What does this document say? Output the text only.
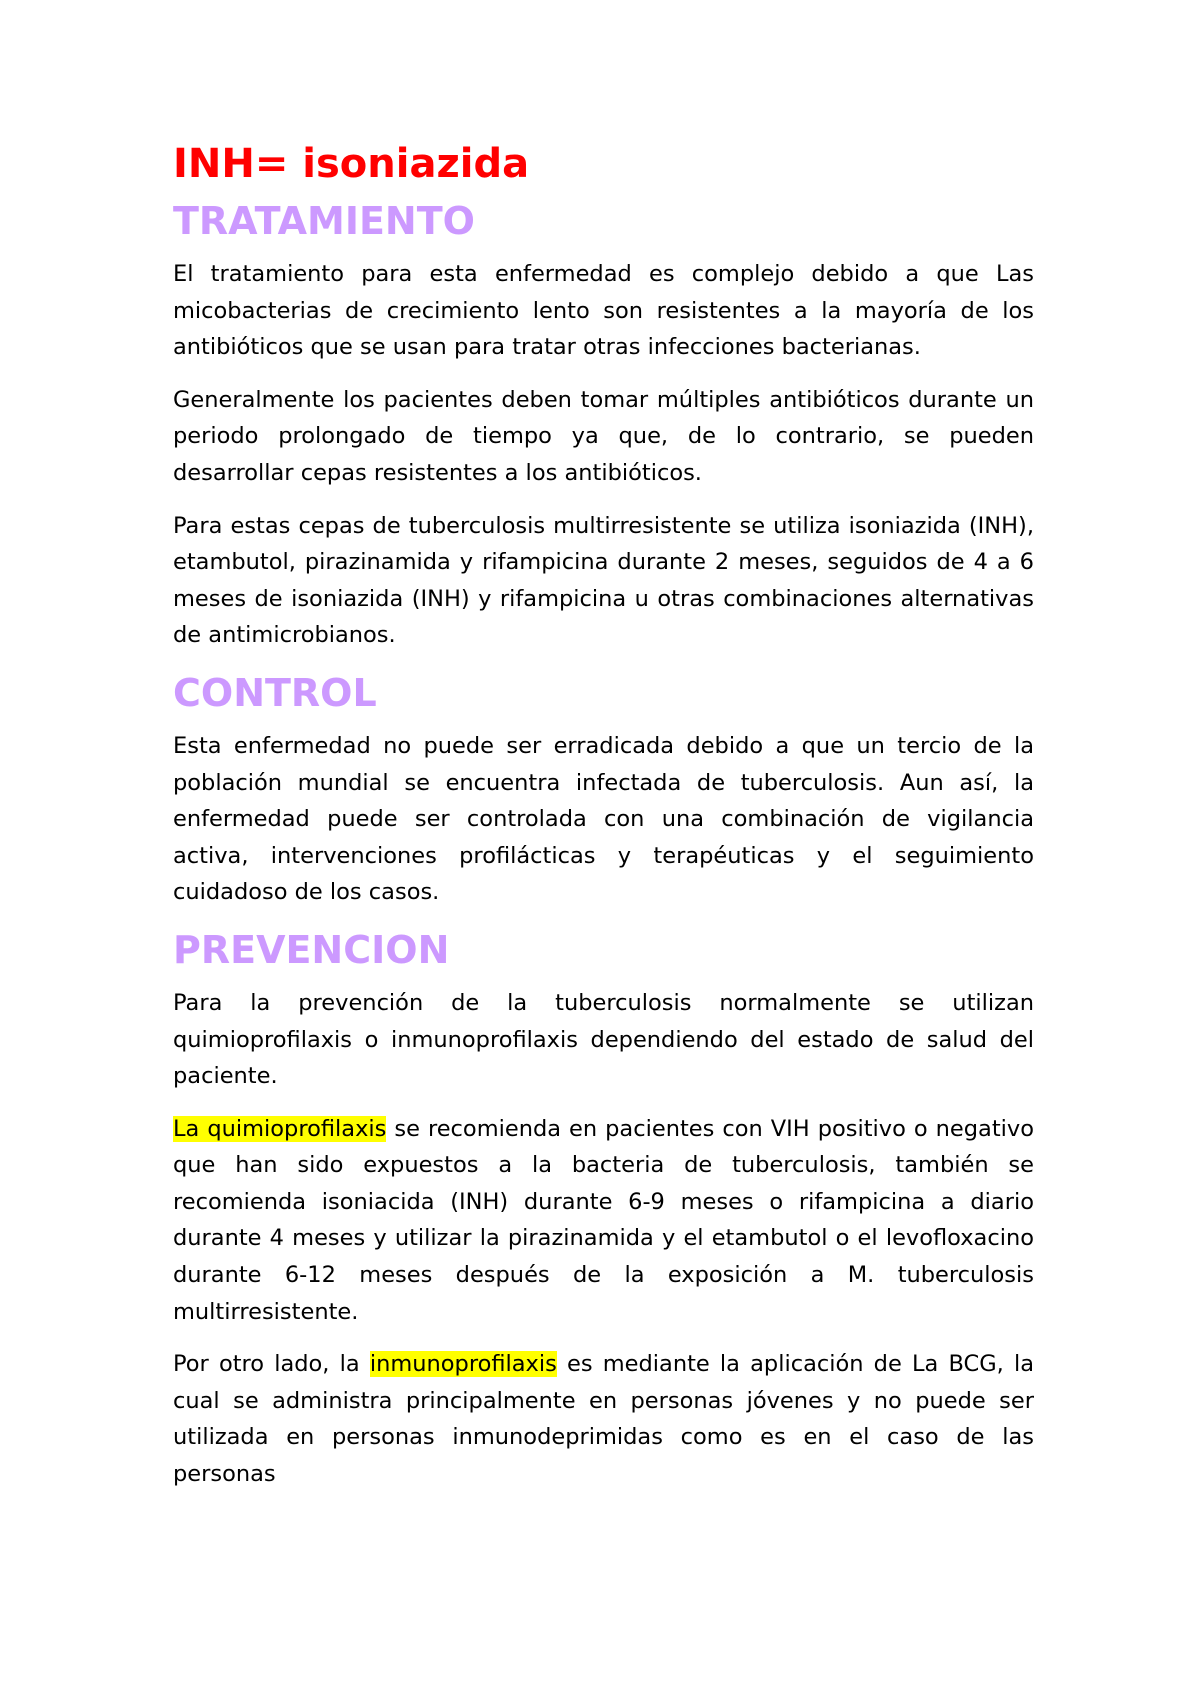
INH= isoniazida
TRATAMIENTO

El tratamiento para esta enfermedad es complejo debido a que Las micobacterias de crecimiento lento son resistentes a la mayoría de los antibióticos que se usan para tratar otras infecciones bacterianas.

Generalmente los pacientes deben tomar múltiples antibióticos durante un periodo prolongado de tiempo ya que, de lo contrario, se pueden desarrollar cepas resistentes a los antibióticos.

Para estas cepas de tuberculosis multirresistente se utiliza isoniazida (INH), etambutol, pirazinamida y rifampicina durante 2 meses, seguidos de 4 a 6 meses de isoniazida (INH) y rifampicina u otras combinaciones alternativas de antimicrobianos.

CONTROL

Esta enfermedad no puede ser erradicada debido a que un tercio de la población mundial se encuentra infectada de tuberculosis. Aun así, la enfermedad puede ser controlada con una combinación de vigilancia activa, intervenciones profilácticas y terapéuticas y el seguimiento cuidadoso de los casos.

PREVENCION

Para la prevención de la tuberculosis normalmente se utilizan quimioprofilaxis o inmunoprofilaxis dependiendo del estado de salud del paciente.

La quimioprofilaxis se recomienda en pacientes con VIH positivo o negativo que han sido expuestos a la bacteria de tuberculosis, también se recomienda isoniacida (INH) durante 6-9 meses o rifampicina a diario durante 4 meses y utilizar la pirazinamida y el etambutol o el levofloxacino durante 6-12 meses después de la exposición a M. tuberculosis multirresistente.

Por otro lado, la inmunoprofilaxis es mediante la aplicación de La BCG, la cual se administra principalmente en personas jóvenes y no puede ser utilizada en personas inmunodeprimidas como es en el caso de las personas
